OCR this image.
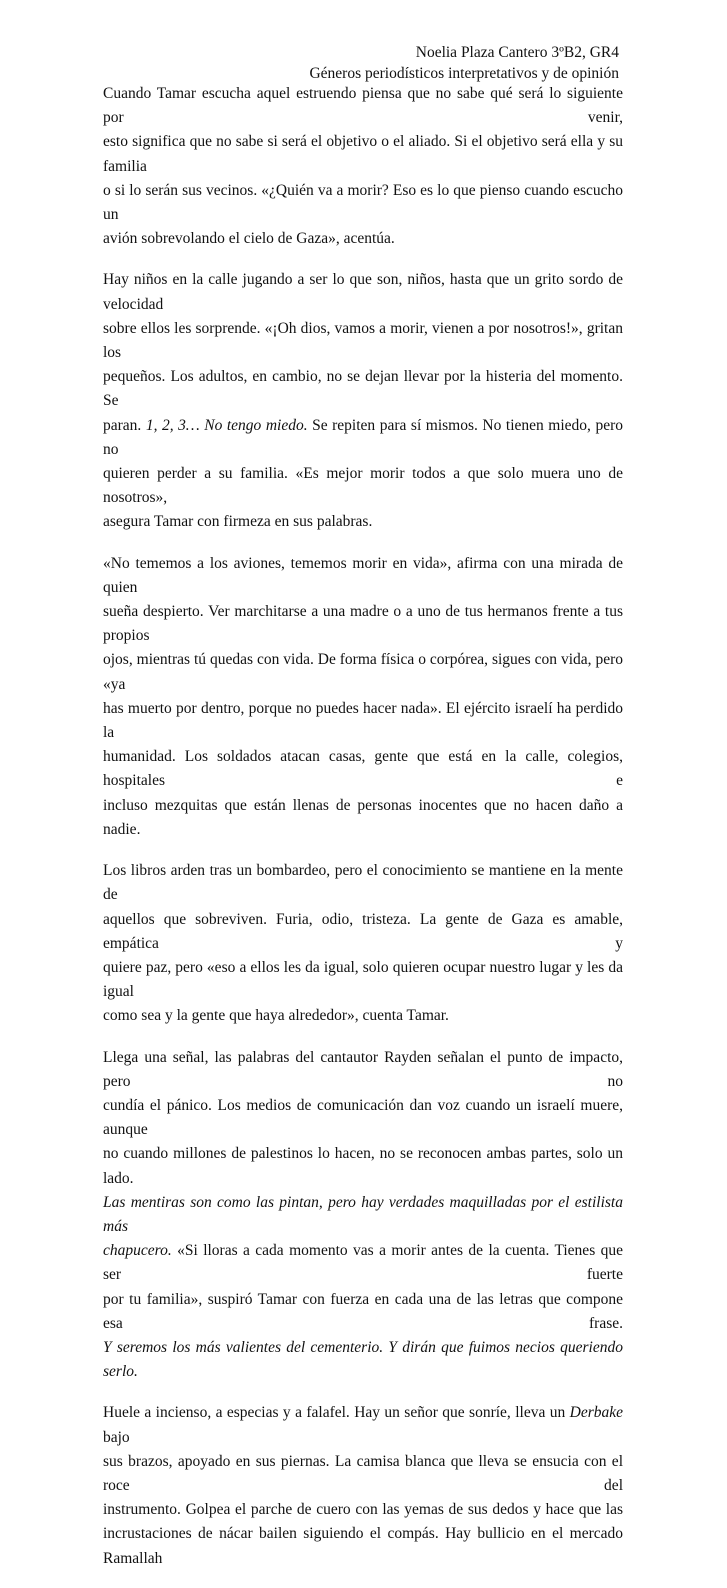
Noelia Plaza Cantero 3ºB2, GR4
Géneros periodísticos interpretativos y de opinión
Cuando Tamar escucha aquel estruendo piensa que no sabe qué será lo siguiente por venir,
esto significa que no sabe si será el objetivo o el aliado. Si el objetivo será ella y su familia
o si lo serán sus vecinos. «¿Quién va a morir? Eso es lo que pienso cuando escucho un
avión sobrevolando el cielo de Gaza», acentúa.
Hay niños en la calle jugando a ser lo que son, niños, hasta que un grito sordo de velocidad
sobre ellos les sorprende. «¡Oh dios, vamos a morir, vienen a por nosotros!», gritan los
pequeños. Los adultos, en cambio, no se dejan llevar por la histeria del momento. Se
paran. 1, 2, 3… No tengo miedo. Se repiten para sí mismos. No tienen miedo, pero no
quieren perder a su familia. «Es mejor morir todos a que solo muera uno de nosotros»,
asegura Tamar con firmeza en sus palabras.
«No tememos a los aviones, tememos morir en vida», afirma con una mirada de quien
sueña despierto. Ver marchitarse a una madre o a uno de tus hermanos frente a tus propios
ojos, mientras tú quedas con vida. De forma física o corpórea, sigues con vida, pero «ya
has muerto por dentro, porque no puedes hacer nada». El ejército israelí ha perdido la
humanidad. Los soldados atacan casas, gente que está en la calle, colegios, hospitales e
incluso mezquitas que están llenas de personas inocentes que no hacen daño a nadie.
Los libros arden tras un bombardeo, pero el conocimiento se mantiene en la mente de
aquellos que sobreviven. Furia, odio, tristeza. La gente de Gaza es amable, empática y
quiere paz, pero «eso a ellos les da igual, solo quieren ocupar nuestro lugar y les da igual
como sea y la gente que haya alrededor», cuenta Tamar.
Llega una señal, las palabras del cantautor Rayden señalan el punto de impacto, pero no
cundía el pánico. Los medios de comunicación dan voz cuando un israelí muere, aunque
no cuando millones de palestinos lo hacen, no se reconocen ambas partes, solo un lado.
Las mentiras son como las pintan, pero hay verdades maquilladas por el estilista más
chapucero. «Si lloras a cada momento vas a morir antes de la cuenta. Tienes que ser fuerte
por tu familia», suspiró Tamar con fuerza en cada una de las letras que compone esa frase.
Y seremos los más valientes del cementerio. Y dirán que fuimos necios queriendo serlo.
Huele a incienso, a especias y a falafel. Hay un señor que sonríe, lleva un Derbake bajo
sus brazos, apoyado en sus piernas. La camisa blanca que lleva se ensucia con el roce del
instrumento. Golpea el parche de cuero con las yemas de sus dedos y hace que las
incrustaciones de nácar bailen siguiendo el compás. Hay bullicio en el mercado Ramallah
